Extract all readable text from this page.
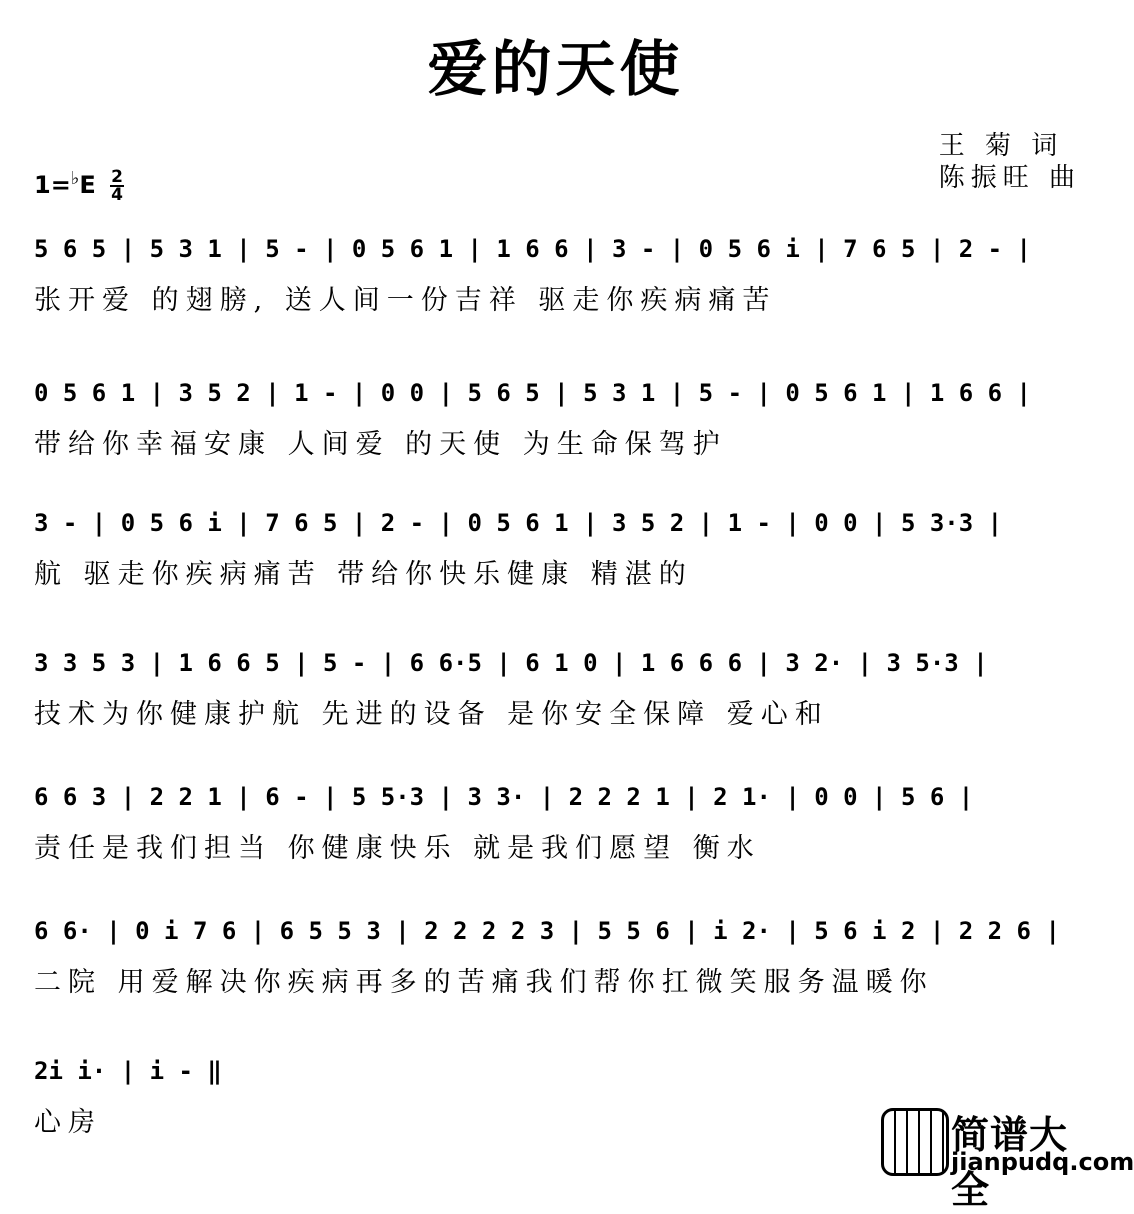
爱的天使
王 菊 词
陈振旺 曲
$1=^♭E \frac{2}{4}$
5 6 5 | 5 3 1 | 5 - | 0 5 6 1 | 1 6 6 | 3 - | 0 5 6 i | 7 6 5 | 2 - |
张开爱 的翅膀, 送人间一份吉祥 驱走你疾病痛苦
0 5 6 1 | 3 5 2 | 1 - | 0 0 | 5 6 5 | 5 3 1 | 5 - | 0 5 6 1 | 1 6 6 |
带给你幸福安康 人间爱 的天使 为生命保驾护
3 - | 0 5 6 i | 7 6 5 | 2 - | 0 5 6 1 | 3 5 2 | 1 - | 0 0 | 5 3·3 |
航 驱走你疾病痛苦 带给你快乐健康 精湛的
3 3 5 3 | 1 6 6 5 | 5 - | 6 6·5 | 6 1 0 | 1 6 6 6 | 3 2· | 3 5·3 |
技术为你健康护航 先进的设备 是你安全保障 爱心和
6 6 3 | 2 2 1 | 6 - | 5 5·3 | 3 3· | 2 2 2 1 | 2 1· | 0 0 | 5 6 |
责任是我们担当 你健康快乐 就是我们愿望 衡水
6 6· | 0 i 7 6 | 6 5 5 3 | 2 2 2 2 3 | 5 5 6 | i 2· | 5 6 i 2 | 2 2 6 |
二院 用爱解决你疾病再多的苦痛我们帮你扛微笑服务温暖你
2i i· | i - ‖
心房	简谱大全
jianpudq.com
